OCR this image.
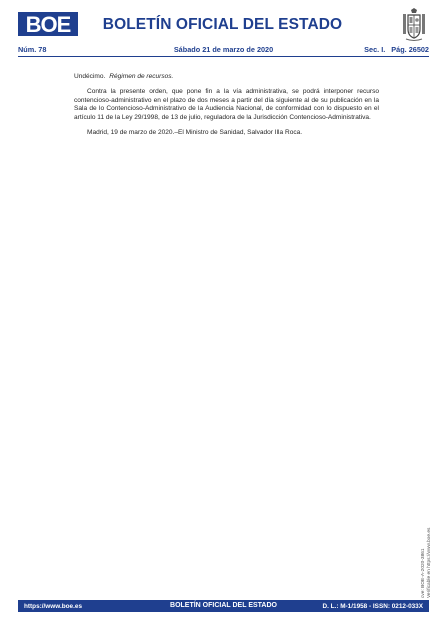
BOE	BOLETÍN OFICIAL DEL ESTADO
Núm. 78	Sábado 21 de marzo de 2020	Sec. I. Pág. 26502

Undécimo. Régimen de recursos.

Contra la presente orden, que pone fin a la vía administrativa, se podrá interponer recurso contencioso-administrativo en el plazo de dos meses a partir del día siguiente al de su publicación en la Sala de lo Contencioso-Administrativo de la Audiencia Nacional, de conformidad con lo dispuesto en el artículo 11 de la Ley 29/1998, de 13 de julio, reguladora de la Jurisdicción Contencioso-Administrativa.

Madrid, 19 de marzo de 2020.–El Ministro de Sanidad, Salvador Illa Roca.

cve: BOE-A-2020-3861
Verificable en https://www.boe.es
https://www.boe.es	BOLETÍN OFICIAL DEL ESTADO	D. L.: M-1/1958 - ISSN: 0212-033X
